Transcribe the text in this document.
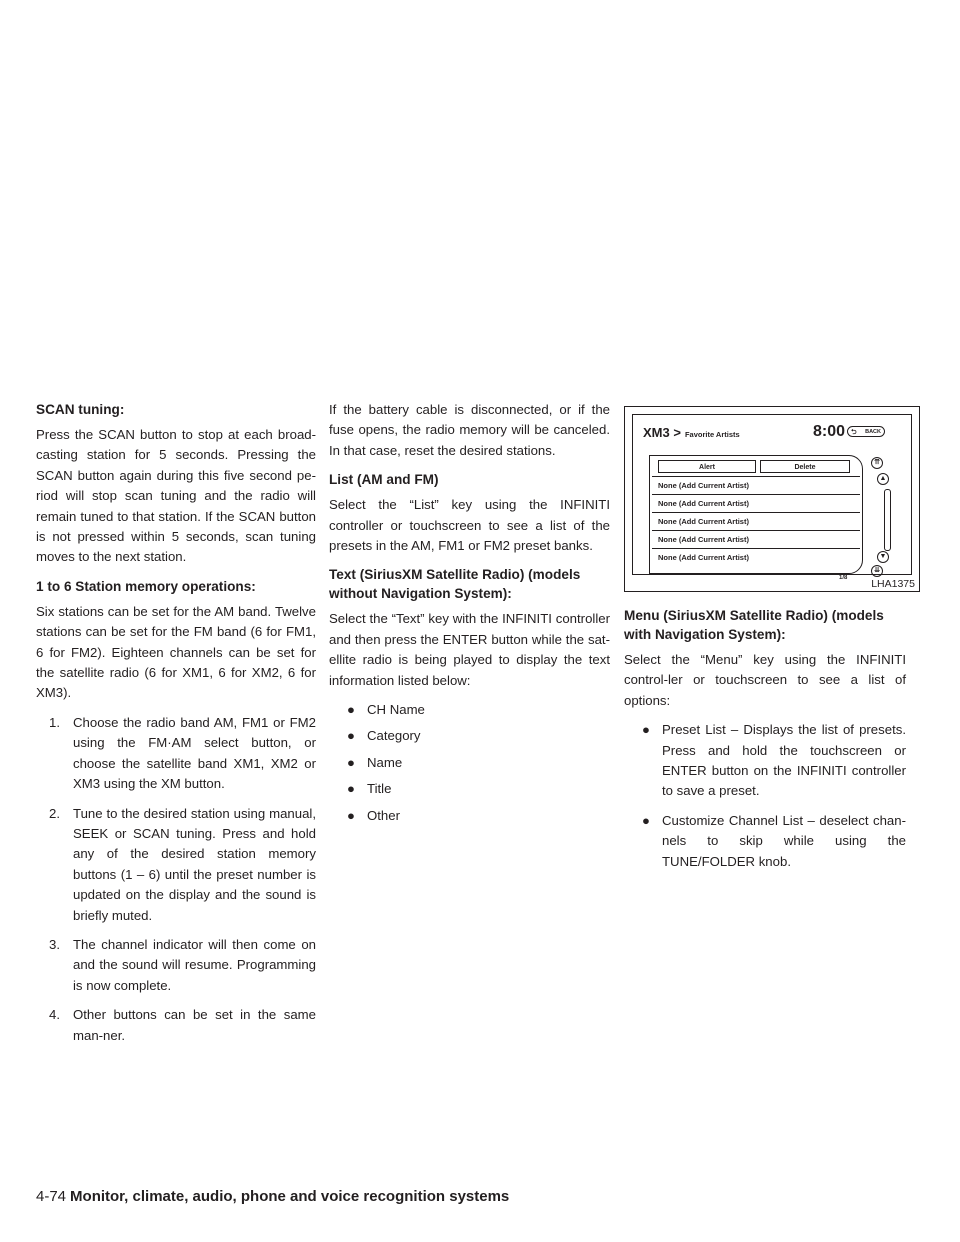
SCAN tuning:

Press the SCAN button to stop at each broad-casting station for 5 seconds. Pressing the SCAN button again during this five second pe-riod will stop scan tuning and the radio will remain tuned to that station. If the SCAN button is not pressed within 5 seconds, scan tuning moves to the next station.

1 to 6 Station memory operations:

Six stations can be set for the AM band. Twelve stations can be set for the FM band (6 for FM1, 6 for FM2). Eighteen channels can be set for the satellite radio (6 for XM1, 6 for XM2, 6 for XM3).

1. Choose the radio band AM, FM1 or FM2 using the FM·AM select button, or choose the satellite band XM1, XM2 or XM3 using the XM button.
2. Tune to the desired station using manual, SEEK or SCAN tuning. Press and hold any of the desired station memory buttons (1 – 6) until the preset number is updated on the display and the sound is briefly muted.
3. The channel indicator will then come on and the sound will resume. Programming is now complete.
4. Other buttons can be set in the same man-ner.

If the battery cable is disconnected, or if the fuse opens, the radio memory will be canceled. In that case, reset the desired stations.

List (AM and FM)

Select the “List” key using the INFINITI controller or touchscreen to see a list of the presets in the AM, FM1 or FM2 preset banks.

Text (SiriusXM Satellite Radio) (models without Navigation System):

Select the “Text” key with the INFINITI controller and then press the ENTER button while the sat-ellite radio is being played to display the text information listed below:

● CH Name
● Category
● Name
● Title
● Other
XM3 > Favorite Artists	8:00 ⮌ BACK
Alert	Delete
None (Add Current Artist)
None (Add Current Artist)
None (Add Current Artist)
None (Add Current Artist)
None (Add Current Artist)
⇈
▲
▼
⇊
1/8 LHA1375
Menu (SiriusXM Satellite Radio) (models with Navigation System):

Select the “Menu” key using the INFINITI control-ler or touchscreen to see a list of options:

● Preset List – Displays the list of presets. Press and hold the touchscreen or ENTER button on the INFINITI controller to save a preset.
● Customize Channel List – deselect chan-nels to skip while using the TUNE/FOLDER knob.
4-74 Monitor, climate, audio, phone and voice recognition systems
